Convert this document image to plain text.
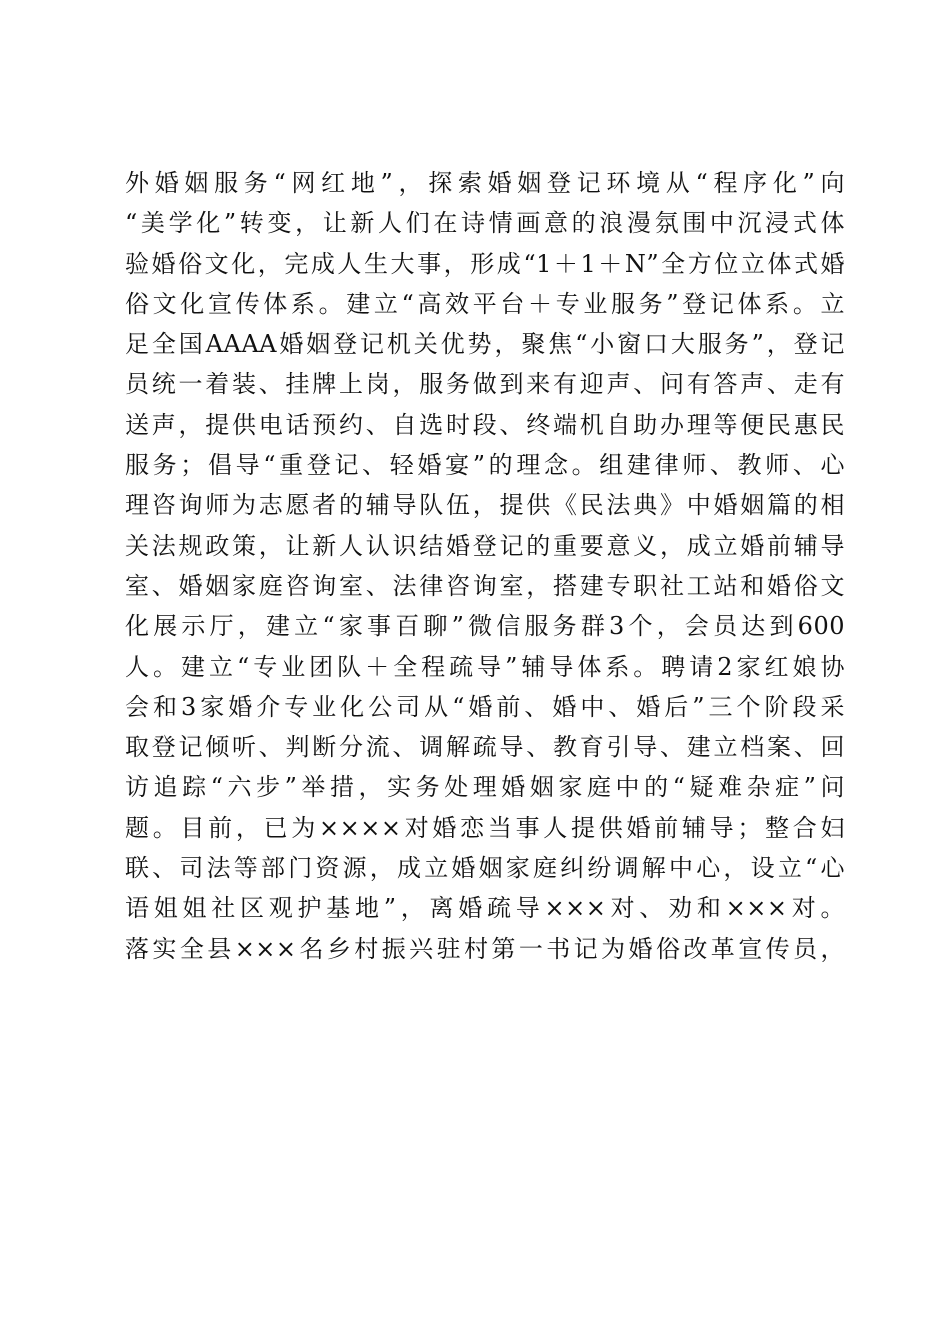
外婚姻服务“网红地”，探索婚姻登记环境从“程序化”向
“美学化”转变，让新人们在诗情画意的浪漫氛围中沉浸式体
验婚俗文化，完成人生大事，形成“1＋1＋N”全方位立体式婚
俗文化宣传体系。建立“高效平台＋专业服务”登记体系。立
足全国AAAA婚姻登记机关优势，聚焦“小窗口大服务”，登记
员统一着装、挂牌上岗，服务做到来有迎声、问有答声、走有
送声，提供电话预约、自选时段、终端机自助办理等便民惠民
服务；倡导“重登记、轻婚宴”的理念。组建律师、教师、心
理咨询师为志愿者的辅导队伍，提供《民法典》中婚姻篇的相
关法规政策，让新人认识结婚登记的重要意义，成立婚前辅导
室、婚姻家庭咨询室、法律咨询室，搭建专职社工站和婚俗文
化展示厅，建立“家事百聊”微信服务群3个，会员达到600
人。建立“专业团队＋全程疏导”辅导体系。聘请2家红娘协
会和3家婚介专业化公司从“婚前、婚中、婚后”三个阶段采
取登记倾听、判断分流、调解疏导、教育引导、建立档案、回
访追踪“六步”举措，实务处理婚姻家庭中的“疑难杂症”问
题。目前，已为××××对婚恋当事人提供婚前辅导；整合妇
联、司法等部门资源，成立婚姻家庭纠纷调解中心，设立“心
语姐姐社区观护基地”，离婚疏导×××对、劝和×××对。
落实全县×××名乡村振兴驻村第一书记为婚俗改革宣传员，
